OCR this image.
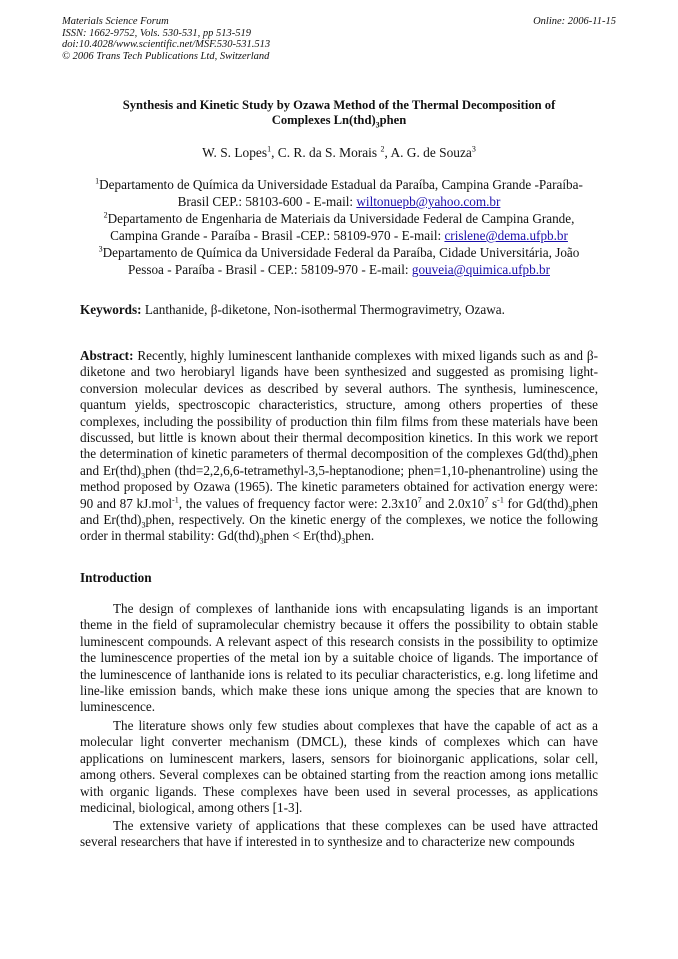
Materials Science Forum
ISSN: 1662-9752, Vols. 530-531, pp 513-519
doi:10.4028/www.scientific.net/MSF.530-531.513
© 2006 Trans Tech Publications Ltd, Switzerland
Online: 2006-11-15
Synthesis and Kinetic Study by Ozawa Method of the Thermal Decomposition of
Complexes $Ln(thd)_3phen$
W. S. Lopes$^1$, C. R. da S. Morais $^2$, A. G. de Souza$^3$
$^1$Departamento de Química da Universidade Estadual da Paraíba, Campina Grande -Paraíba-Brasil CEP.: 58103-600 - E-mail: wiltonuepb@yahoo.com.br
$^2$Departamento de Engenharia de Materiais da Universidade Federal de Campina Grande, Campina Grande - Paraíba - Brasil -CEP.: 58109-970 - E-mail: crislene@dema.ufpb.br
$^3$Departamento de Química da Universidade Federal da Paraíba, Cidade Universitária, João Pessoa - Paraíba - Brasil - CEP.: 58109-970 - E-mail: gouveia@quimica.ufpb.br
Keywords: Lanthanide, β-diketone, Non-isothermal Thermogravimetry, Ozawa.

Abstract: Recently, highly luminescent lanthanide complexes with mixed ligands such as and β-diketone and two herobiaryl ligands have been synthesized and suggested as promising light-conversion molecular devices as described by several authors. The synthesis, luminescence, quantum yields, spectroscopic characteristics, structure, among others properties of these complexes, including the possibility of production thin film films from these materials have been discussed, but little is known about their thermal decomposition kinetics. In this work we report the determination of kinetic parameters of thermal decomposition of the complexes $Gd(thd)_3phen$ and $Er(thd)_3phen$ (thd=2,2,6,6-tetramethyl-3,5-heptanodione; phen=1,10-phenantroline) using the method proposed by Ozawa (1965). The kinetic parameters obtained for activation energy were: 90 and 87 kJ.mol$^{-1}$, the values of frequency factor were: $2.3x10^7$ and $2.0x10^7$ $s^{-1}$ for $Gd(thd)_3phen$ and $Er(thd)_3phen$, respectively. On the kinetic energy of the complexes, we notice the following order in thermal stability: $Gd(thd)_3phen$ < $Er(thd)_3phen$.

Introduction

The design of complexes of lanthanide ions with encapsulating ligands is an important theme in the field of supramolecular chemistry because it offers the possibility to obtain stable luminescent compounds. A relevant aspect of this research consists in the possibility to optimize the luminescence properties of the metal ion by a suitable choice of ligands. The importance of the luminescence of lanthanide ions is related to its peculiar characteristics, e.g. long lifetime and line-like emission bands, which make these ions unique among the species that are known to luminescence.

The literature shows only few studies about complexes that have the capable of act as a molecular light converter mechanism (DMCL), these kinds of complexes which can have applications on luminescent markers, lasers, sensors for bioinorganic applications, solar cell, among others. Several complexes can be obtained starting from the reaction among ions metallic with organic ligands. These complexes have been used in several processes, as applications medicinal, biological, among others [1-3].

The extensive variety of applications that these complexes can be used have attracted several researchers that have if interested in to synthesize and to characterize new compounds
